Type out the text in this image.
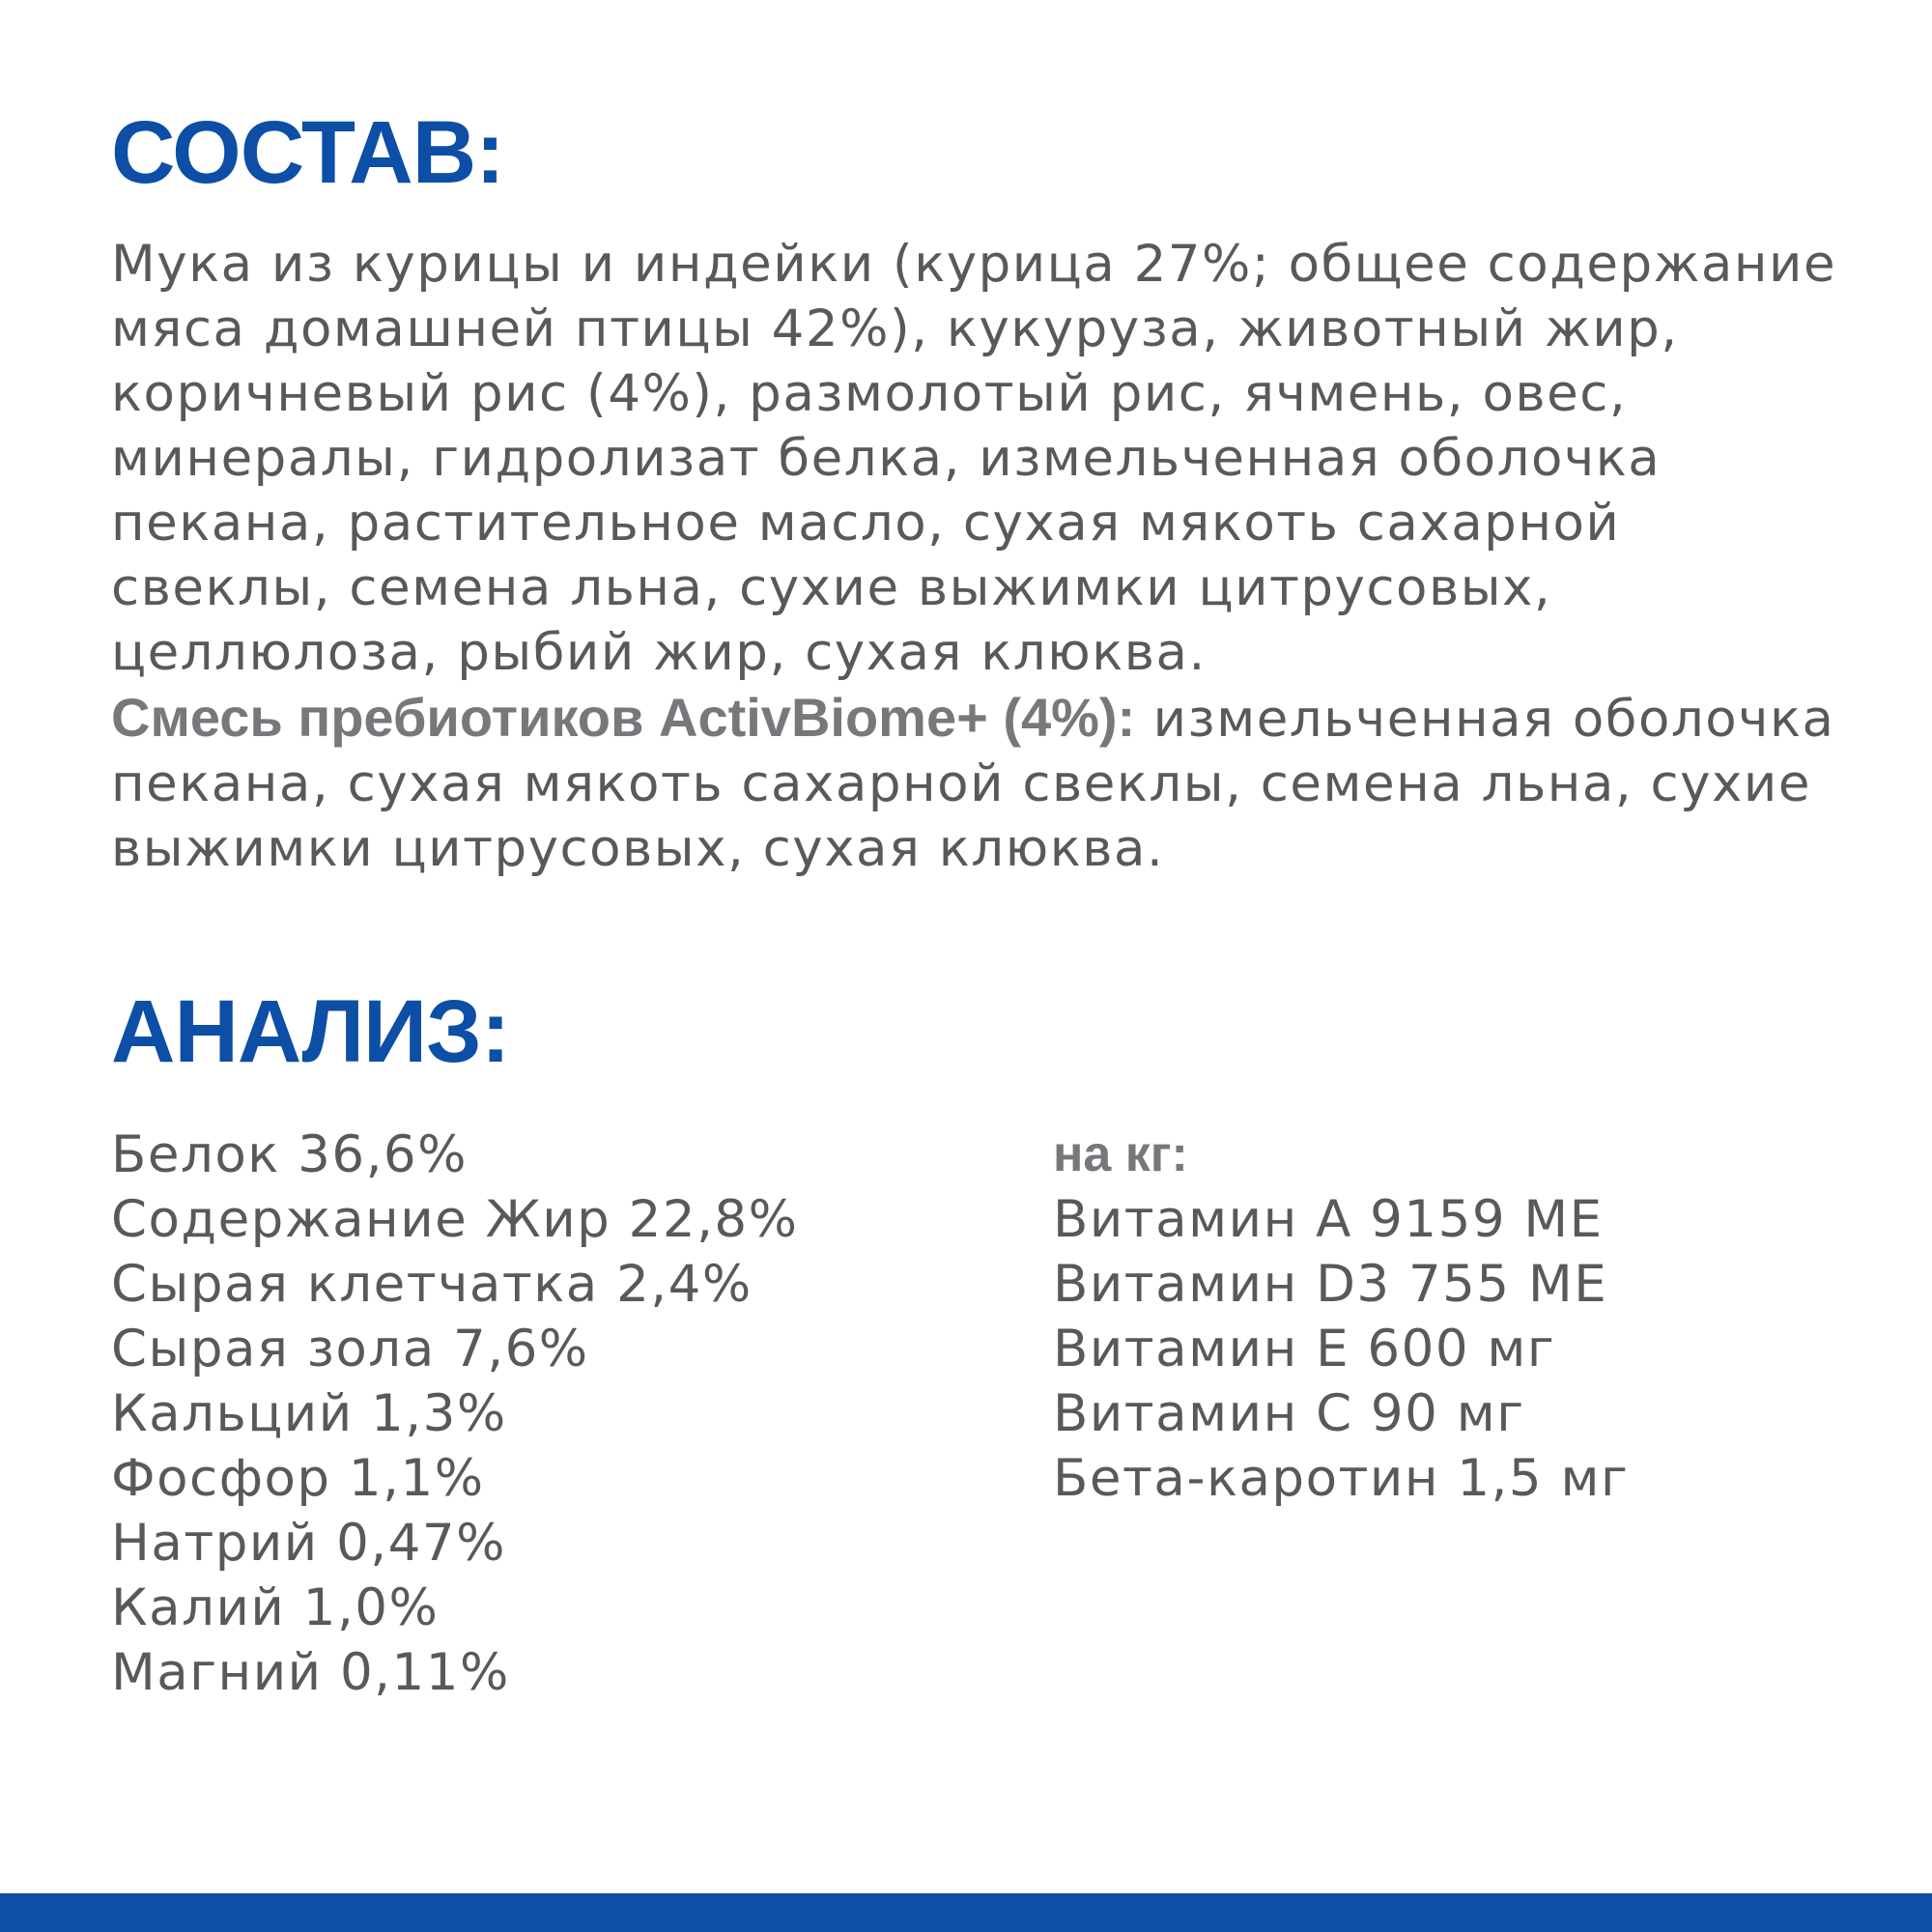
СОСТАВ:

Мука из курицы и индейки (курица 27%; общее содержание мяса домашней птицы 42%), кукуруза, животный жир, коричневый рис (4%), размолотый рис, ячмень, овес, минералы, гидролизат белка, измельченная оболочка пекана, растительное масло, сухая мякоть сахарной свеклы, семена льна, сухие выжимки цитрусовых, целлюлоза, рыбий жир, сухая клюква.

Смесь пребиотиков ActivBiome+ (4%): измельченная оболочка пекана, сухая мякоть сахарной свеклы, семена льна, сухие выжимки цитрусовых, сухая клюква.

АНАЛИЗ:
Белок 36,6%
Содержание Жир 22,8%
Сырая клетчатка 2,4%
Сырая зола 7,6%
Кальций 1,3%
Фосфор 1,1%
Натрий 0,47%
Калий 1,0%
Магний 0,11%
на кг:
Витамин А 9159 МЕ
Витамин D3 755 МЕ
Витамин Е 600 мг
Витамин С 90 мг
Бета-каротин 1,5 мг
